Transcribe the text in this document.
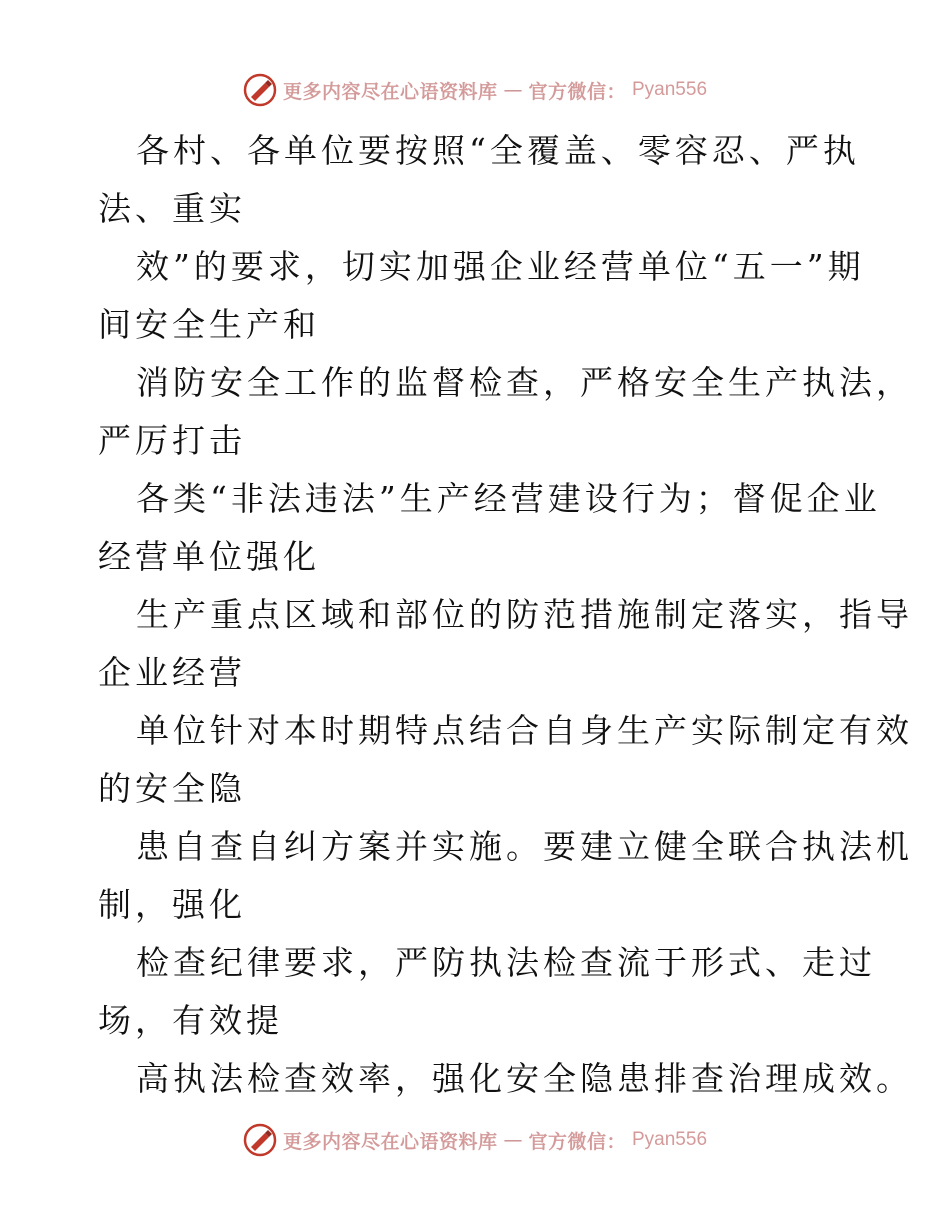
更多内容尽在心语资料库 — 官方微信： Pyan556
各村、各单位要按照“全覆盖、零容忍、严执
法、重实
效”的要求，切实加强企业经营单位“五一”期
间安全生产和
消防安全工作的监督检查，严格安全生产执法，
严厉打击
各类“非法违法”生产经营建设行为；督促企业
经营单位强化
生产重点区域和部位的防范措施制定落实，指导
企业经营
单位针对本时期特点结合自身生产实际制定有效
的安全隐
患自查自纠方案并实施。要建立健全联合执法机
制，强化
检查纪律要求，严防执法检查流于形式、走过
场，有效提
高执法检查效率，强化安全隐患排查治理成效。
更多内容尽在心语资料库 — 官方微信： Pyan556
